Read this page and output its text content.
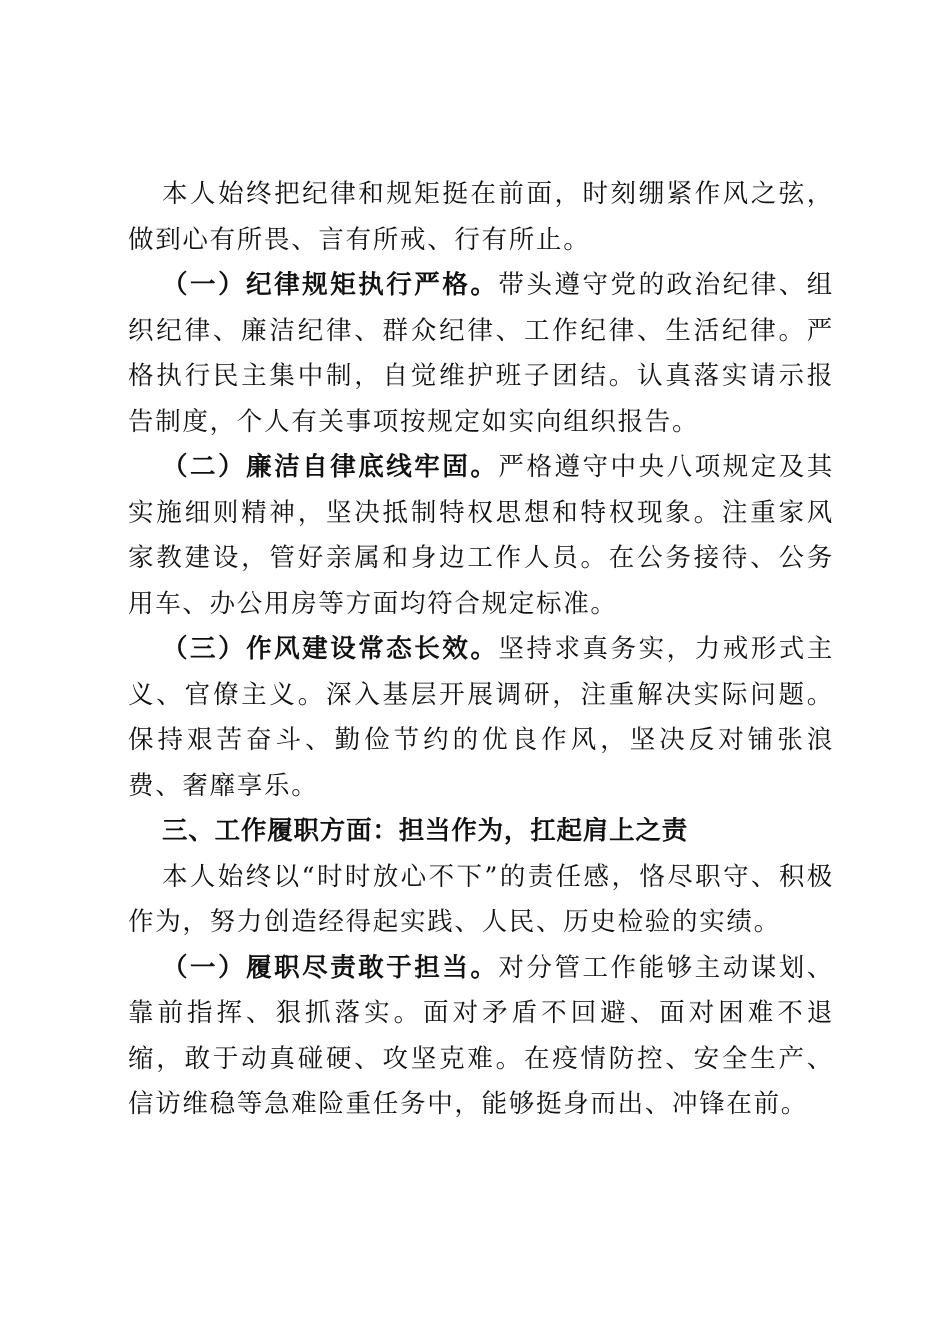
本人始终把纪律和规矩挺在前面，时刻绷紧作风之弦，做到心有所畏、言有所戒、行有所止。

（一）纪律规矩执行严格。带头遵守党的政治纪律、组织纪律、廉洁纪律、群众纪律、工作纪律、生活纪律。严格执行民主集中制，自觉维护班子团结。认真落实请示报告制度，个人有关事项按规定如实向组织报告。

（二）廉洁自律底线牢固。严格遵守中央八项规定及其实施细则精神，坚决抵制特权思想和特权现象。注重家风家教建设，管好亲属和身边工作人员。在公务接待、公务用车、办公用房等方面均符合规定标准。

（三）作风建设常态长效。坚持求真务实，力戒形式主义、官僚主义。深入基层开展调研，注重解决实际问题。保持艰苦奋斗、勤俭节约的优良作风，坚决反对铺张浪费、奢靡享乐。

三、工作履职方面：担当作为，扛起肩上之责

本人始终以“时时放心不下”的责任感，恪尽职守、积极作为，努力创造经得起实践、人民、历史检验的实绩。

（一）履职尽责敢于担当。对分管工作能够主动谋划、靠前指挥、狠抓落实。面对矛盾不回避、面对困难不退缩，敢于动真碰硬、攻坚克难。在疫情防控、安全生产、信访维稳等急难险重任务中，能够挺身而出、冲锋在前。
